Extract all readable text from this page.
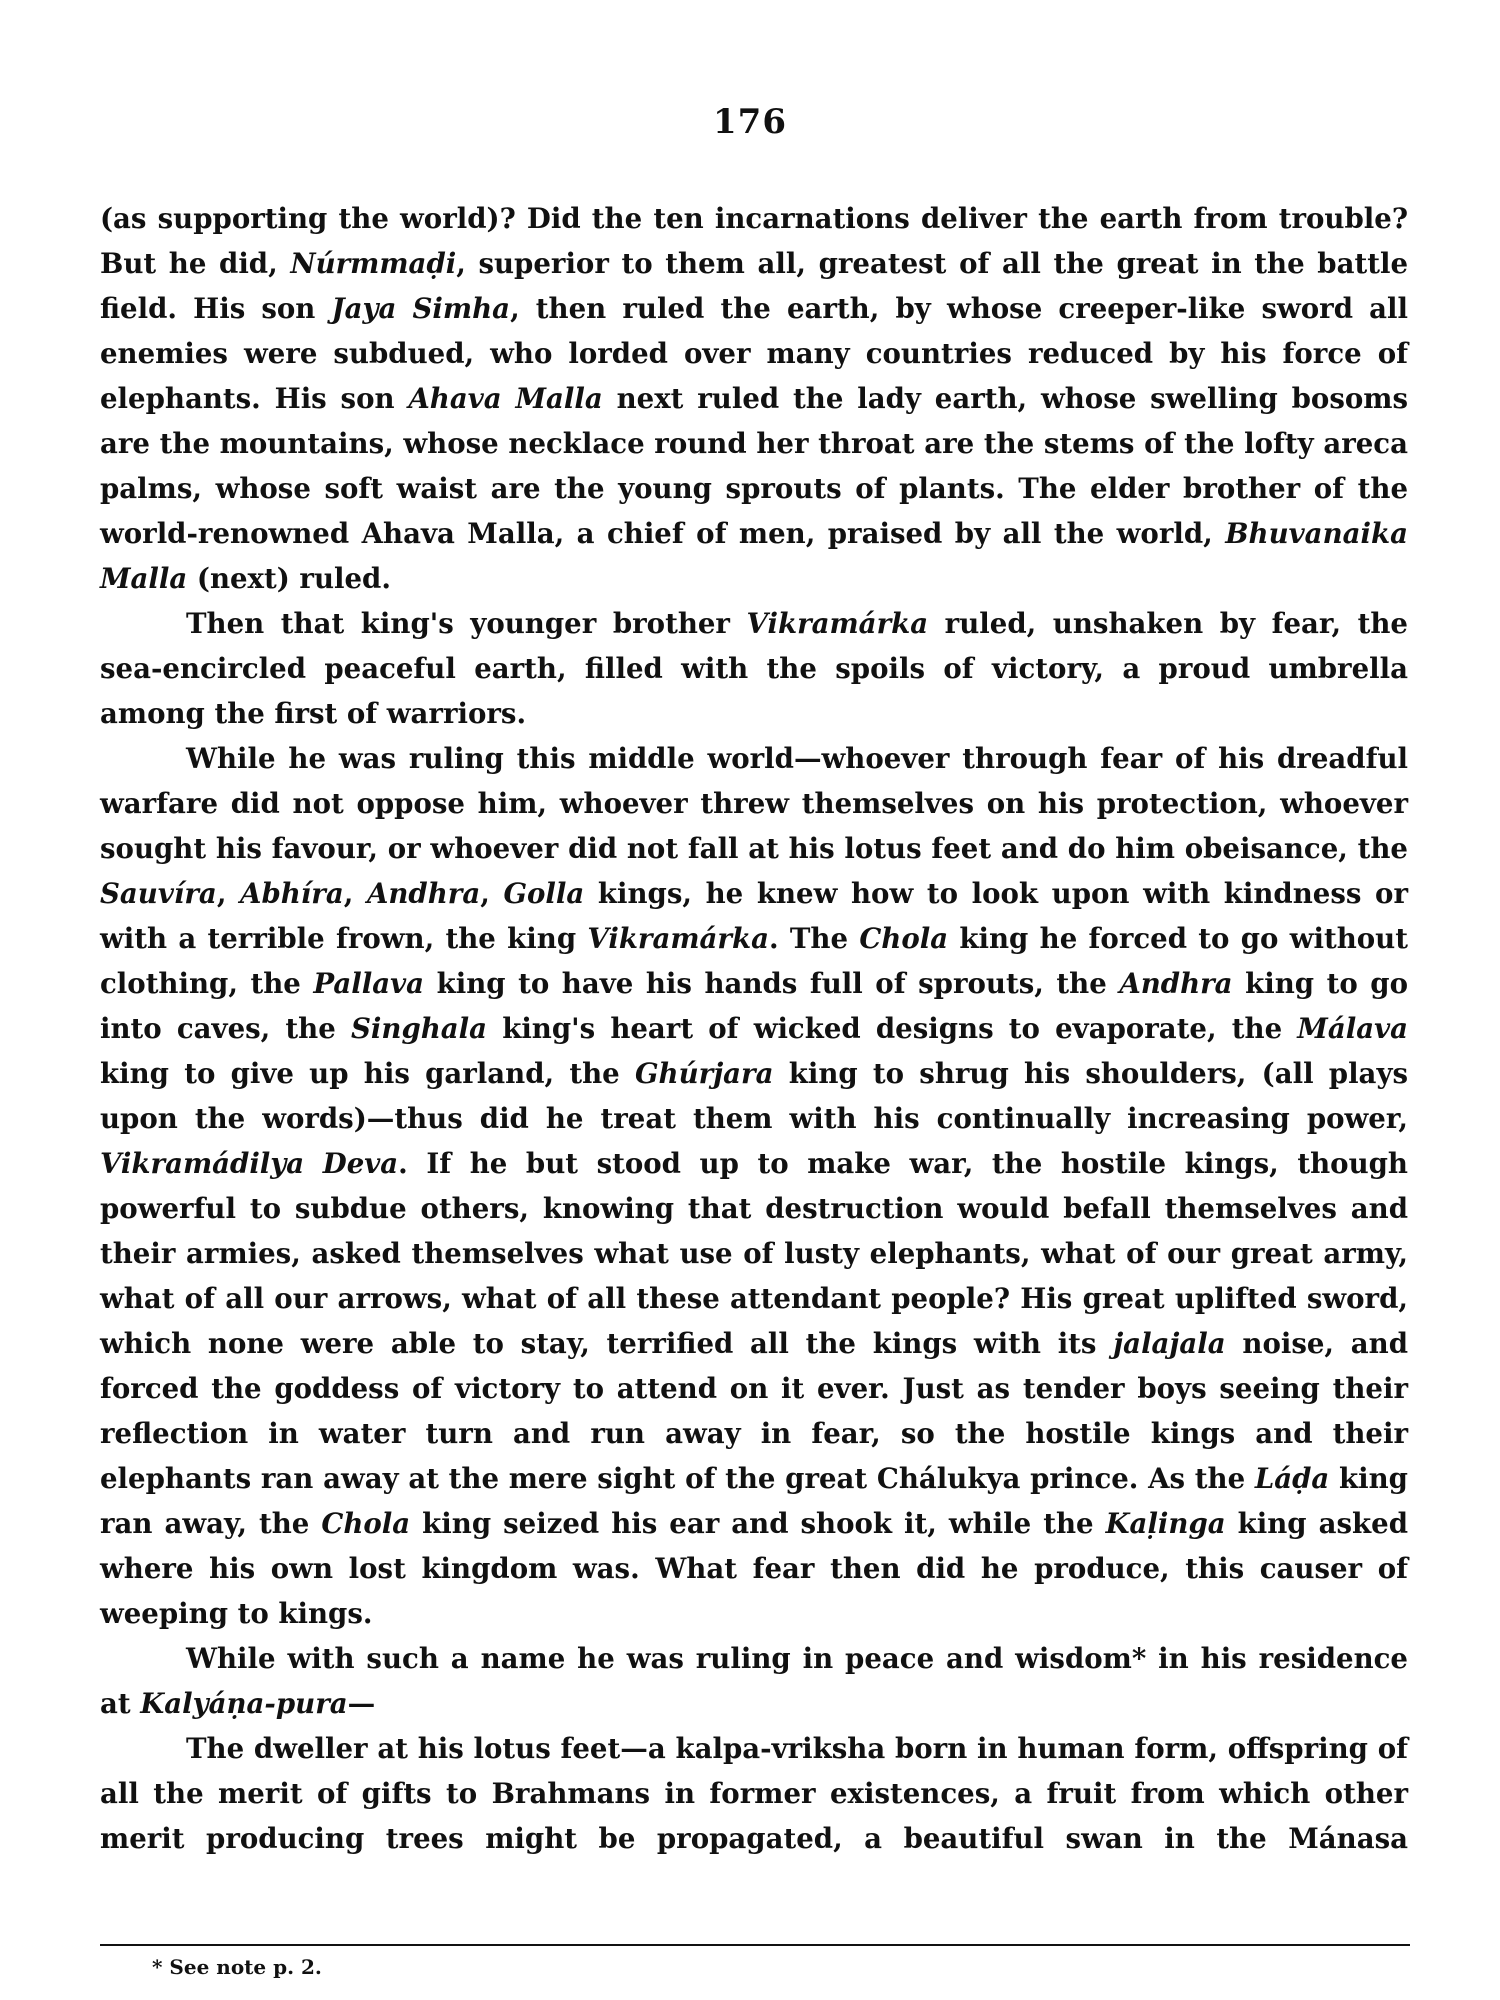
176

(as supporting the world)? Did the ten incarnations deliver the earth from trouble? But he did, Núrmmaḍi, superior to them all, greatest of all the great in the battle field. His son Jaya Simha, then ruled the earth, by whose creeper-like sword all enemies were subdued, who lorded over many countries reduced by his force of elephants. His son Ahava Malla next ruled the lady earth, whose swelling bosoms are the mountains, whose necklace round her throat are the stems of the lofty areca palms, whose soft waist are the young sprouts of plants. The elder brother of the world-renowned Ahava Malla, a chief of men, praised by all the world, Bhuvanaika Malla (next) ruled.

Then that king's younger brother Vikramárka ruled, unshaken by fear, the sea-encircled peaceful earth, filled with the spoils of victory, a proud umbrella among the first of warriors.

While he was ruling this middle world—whoever through fear of his dreadful warfare did not oppose him, whoever threw themselves on his protection, whoever sought his favour, or whoever did not fall at his lotus feet and do him obeisance, the Sauvíra, Abhíra, Andhra, Golla kings, he knew how to look upon with kindness or with a terrible frown, the king Vikramárka. The Chola king he forced to go without clothing, the Pallava king to have his hands full of sprouts, the Andhra king to go into caves, the Singhala king's heart of wicked designs to evaporate, the Málava king to give up his garland, the Ghúrjara king to shrug his shoulders, (all plays upon the words)—thus did he treat them with his continually increasing power, Vikramádilya Deva. If he but stood up to make war, the hostile kings, though powerful to subdue others, knowing that destruction would befall themselves and their armies, asked themselves what use of lusty elephants, what of our great army, what of all our arrows, what of all these attendant people? His great uplifted sword, which none were able to stay, terrified all the kings with its jalajala noise, and forced the goddess of victory to attend on it ever. Just as tender boys seeing their reflection in water turn and run away in fear, so the hostile kings and their elephants ran away at the mere sight of the great Chálukya prince. As the Láḍa king ran away, the Chola king seized his ear and shook it, while the Kaḷinga king asked where his own lost kingdom was. What fear then did he produce, this causer of weeping to kings.

While with such a name he was ruling in peace and wisdom* in his residence at Kalyáṇa-pura—

The dweller at his lotus feet—a kalpa-vriksha born in human form, offspring of all the merit of gifts to Brahmans in former existences, a fruit from which other merit producing trees might be propagated, a beautiful swan in the Mánasa

* See note p. 2.
